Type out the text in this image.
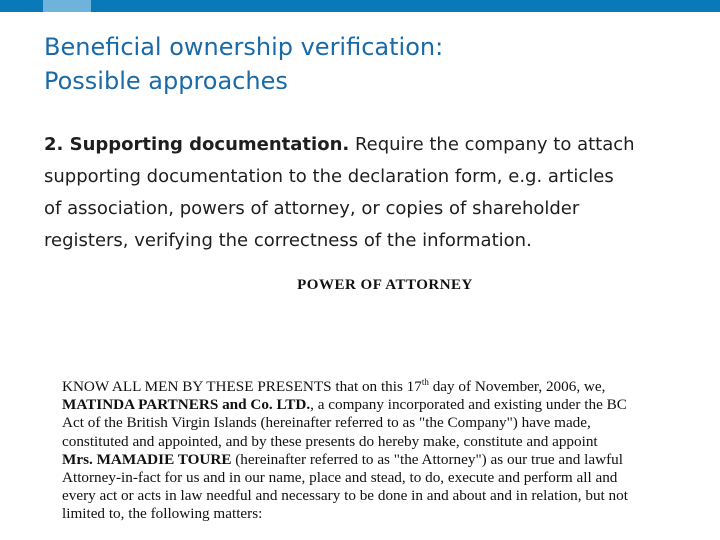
Beneficial ownership verification:
Possible approaches
2. Supporting documentation. Require the company to attach
supporting documentation to the declaration form, e.g. articles
of association, powers of attorney, or copies of shareholder
registers, verifying the correctness of the information.
POWER OF ATTORNEY
KNOW ALL MEN BY THESE PRESENTS that on this 17th day of November, 2006, we,
MATINDA PARTNERS and Co. LTD., a company incorporated and existing under the BC
Act of the British Virgin Islands (hereinafter referred to as "the Company") have made,
constituted and appointed, and by these presents do hereby make, constitute and appoint
Mrs. MAMADIE TOURE (hereinafter referred to as "the Attorney") as our true and lawful
Attorney-in-fact for us and in our name, place and stead, to do, execute and perform all and
every act or acts in law needful and necessary to be done in and about and in relation, but not
limited to, the following matters:
